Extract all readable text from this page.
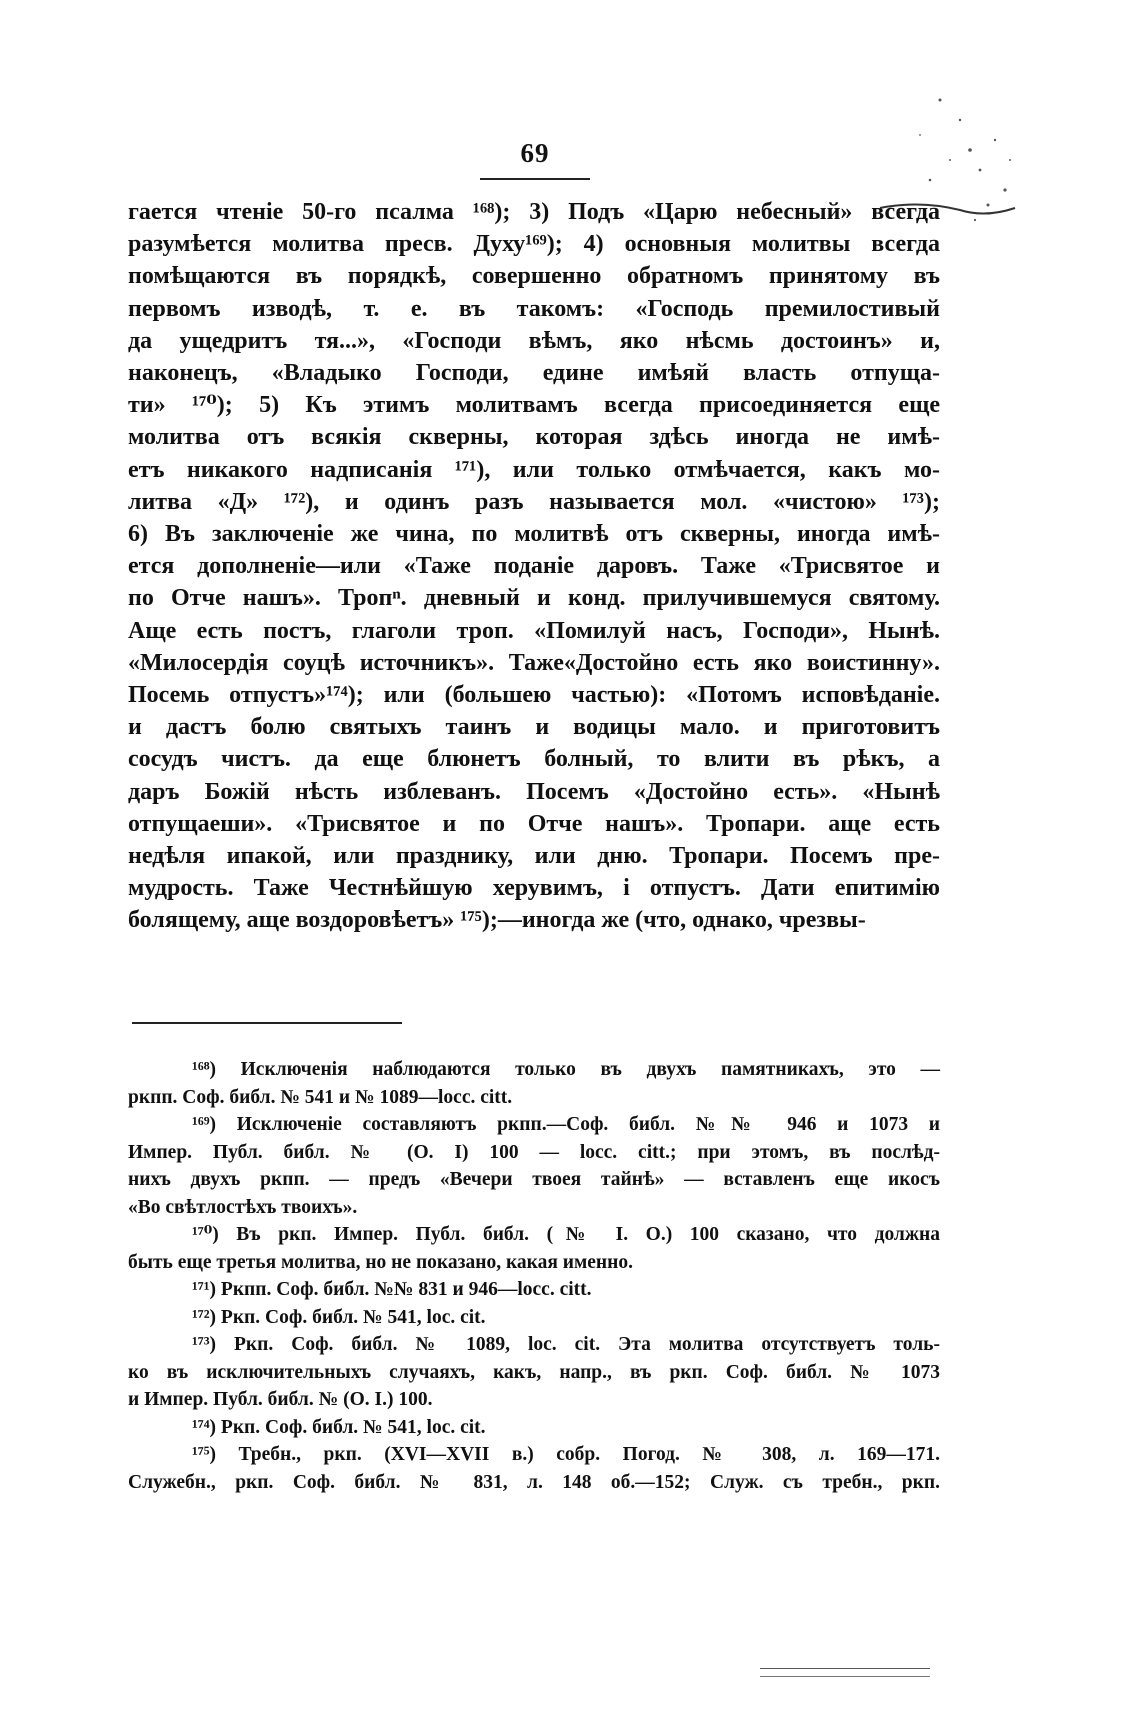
69
гается чтеніе 50-го псалма ¹⁶⁸); 3) Подъ «Царю небесный» всегда
разумѣется молитва пресв. Духу¹⁶⁹); 4) основныя молитвы всегда
помѣщаются въ порядкѣ, совершенно обратномъ принятому въ
первомъ изводѣ, т. е. въ такомъ: «Господь премилостивый
да ущедритъ тя...», «Господи вѣмъ, яко нѣсмь достоинъ» и,
наконецъ, «Владыко Господи, едине имѣяй власть отпуща-
ти» ¹⁷⁰); 5) Къ этимъ молитвамъ всегда присоединяется еще
молитва отъ всякія скверны, которая здѣсь иногда не имѣ-
етъ никакого надписанія ¹⁷¹), или только отмѣчается, какъ мо-
литва «Д» ¹⁷²), и одинъ разъ называется мол. «чистою» ¹⁷³);
6) Въ заключеніе же чина, по молитвѣ отъ скверны, иногда имѣ-
ется дополненіе—или «Таже поданіе даровъ. Таже «Трисвятое и
по Отче нашъ». Тропⁿ. дневный и конд. прилучившемуся святому.
Аще есть постъ, глаголи троп. «Помилуй насъ, Господи», Нынѣ.
«Милосердія соуцѣ источникъ». Таже«Достойно есть яко воистинну».
Посемь отпустъ»¹⁷⁴); или (большею частью): «Потомъ исповѣданіе.
и дастъ болю святыхъ таинъ и водицы мало. и приготовитъ
сосудъ чистъ. да еще блюнетъ болный, то влити въ рѣкъ, а
даръ Божій нѣсть изблеванъ. Посемъ «Достойно есть». «Нынѣ
отпущаеши». «Трисвятое и по Отче нашъ». Тропари. аще есть
недѣля ипакой, или празднику, или дню. Тропари. Посемъ пре-
мудрость. Таже Честнѣйшую херувимъ, і отпустъ. Дати епитимію
болящему, аще воздоровѣетъ» ¹⁷⁵);—иногда же (что, однако, чрезвы-
¹⁶⁸) Исключенія наблюдаются только въ двухъ памятникахъ, это —
ркпп. Соф. библ. № 541 и № 1089—locc. citt.
¹⁶⁹) Исключеніе составляютъ ркпп.—Соф. библ. №№ 946 и 1073 и
Импер. Публ. библ. № (О. I) 100 — locc. citt.; при этомъ, въ послѣд-
нихъ двухъ ркпп. — предъ «Вечери твоея тайнѣ» — вставленъ еще икосъ
«Во свѣтлостѣхъ твоихъ».
¹⁷⁰) Въ ркп. Импер. Публ. библ. (№ I. О.) 100 сказано, что должна
быть еще третья молитва, но не показано, какая именно.
¹⁷¹) Ркпп. Соф. библ. №№ 831 и 946—locc. citt.
¹⁷²) Ркп. Соф. библ. № 541, loc. cit.
¹⁷³) Ркп. Соф. библ. № 1089, loc. cit. Эта молитва отсутствуетъ толь-
ко въ исключительныхъ случаяхъ, какъ, напр., въ ркп. Соф. библ. № 1073
и Импер. Публ. библ. № (О. I.) 100.
¹⁷⁴) Ркп. Соф. библ. № 541, loc. cit.
¹⁷⁵) Требн., ркп. (XVI—XVII в.) собр. Погод. № 308, л. 169—171.
Служебн., ркп. Соф. библ. № 831, л. 148 об.—152; Служ. съ требн., ркп.
